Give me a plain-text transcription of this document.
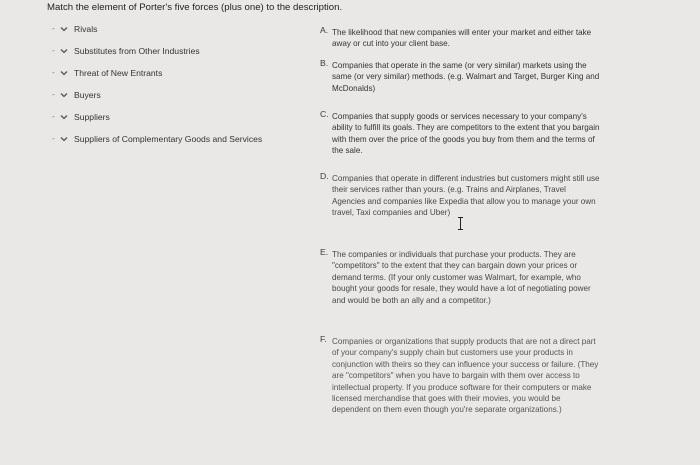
Match the element of Porter's five forces (plus one) to the description.
-	Rivals
-	Substitutes from Other Industries
-	Threat of New Entrants
-	Buyers
-	Suppliers
-	Suppliers of Complementary Goods and Services
A. The likelihood that new companies will enter your market and either take away or cut into your client base.
B. Companies that operate in the same (or very similar) markets using the same (or very similar) methods. (e.g. Walmart and Target, Burger King and McDonalds)
C. Companies that supply goods or services necessary to your company's ability to fulfill its goals. They are competitors to the extent that you bargain with them over the price of the goods you buy from them and the terms of the sale.
D. Companies that operate in different industries but customers might still use their services rather than yours. (e.g. Trains and Airplanes, Travel Agencies and companies like Expedia that allow you to manage your own travel, Taxi companies and Uber)
E. The companies or individuals that purchase your products. They are "competitors" to the extent that they can bargain down your prices or demand terms. (If your only customer was Walmart, for example, who bought your goods for resale, they would have a lot of negotiating power and would be both an ally and a competitor.)
F. Companies or organizations that supply products that are not a direct part of your company's supply chain but customers use your products in conjunction with theirs so they can influence your success or failure. (They are "competitors" when you have to bargain with them over access to intellectual property. If you produce software for their computers or make licensed merchandise that goes with their movies, you would be dependent on them even though you're separate organizations.)
